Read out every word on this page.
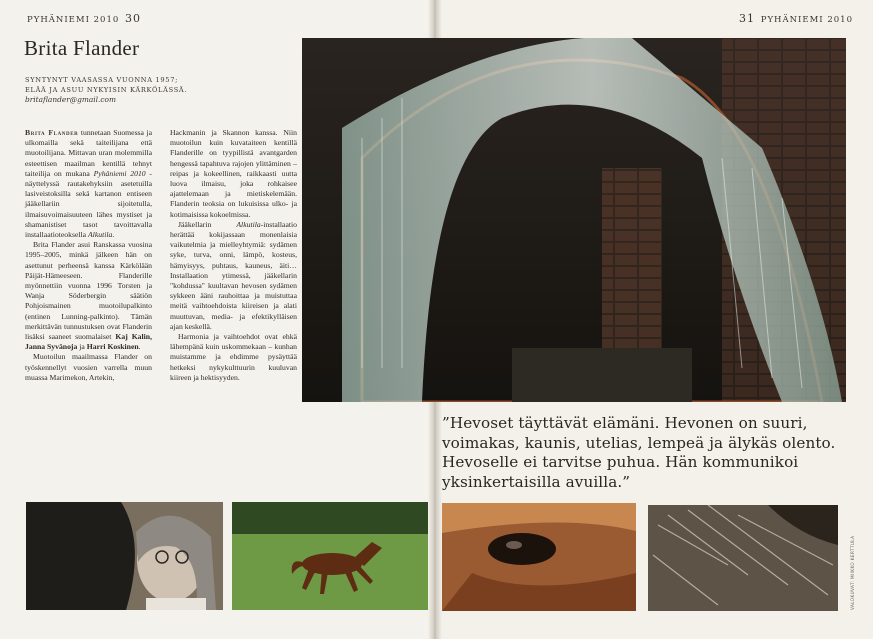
PYHÄNIEMI 2010 30	31 PYHÄNIEMI 2010
Brita Flander
SYNTYNYT VAASASSA VUONNA 1957;
ELÄÄ JA ASUU NYKYISIN KÄRKÖLÄSSÄ.
britaflander@gmail.com

Brita Flander tunnetaan Suomessa ja ulkomailla sekä taiteilijana että muotoilijana. Mittavan uran molemmilla esteettisen maailman kentillä tehnyt taiteilija on mukana Pyhäniemi 2010 -näyttelyssä rautakehyksiin asetetuilla lasiveistoksilla sekä kartanon entiseen jääkellariin sijoitetulla, ilmaisuvoimaisuuteen lähes mystiset ja shamanistiset tasot tavoittavalla installaatioteoksella Alkutila.

Brita Flander asui Ranskassa vuosina 1995–2005, minkä jälkeen hän on asettunut perheensä kanssa Kärkölään Päijät-Hämeeseen. Flanderille myönnettiin vuonna 1996 Torsten ja Wanja Söderbergin säätiön Pohjoismainen muotoilupalkinto (entinen Lunning-palkinto). Tämän merkittävän tunnustuksen ovat Flanderin lisäksi saaneet suomalaiset Kaj Kalin, Janna Syvänoja ja Harri Koskinen.

Muotoilun maailmassa Flander on työskennellyt vuosien varrella muun muassa Marimekon, Artekin,

Hackmanin ja Skannon kanssa. Niin muotoilun kuin kuvataiteen kentillä Flanderille on tyypillistä avantgarden hengessä tapahtuva rajojen ylittäminen – reipas ja kokeellinen, raikkaasti uutta luova ilmaisu, joka rohkaisee ajattelemaan ja mietiskelemään. Flanderin teoksia on lukuisissa ulko- ja kotimaisissa kokoelmissa.

Jääkellarin Alkutila-installaatio herättää kokijassaan monenlaisia vaikutelmia ja mielleyhtymiä: sydämen syke, turva, onni, lämpö, kosteus, hämyisyys, puhtaus, kauneus, äiti… Installaation ytimessä, jääkellarin "kohdussa" kuultavan hevosen sydämen sykkeen ääni rauhoittaa ja muistuttaa meitä vaihtoehdoista kiireisen ja alati muuttuvan, media- ja efektikylläisen ajan keskellä.

Harmonia ja vaihtoehdot ovat ehkä lähempänä kuin uskommekaan – kunhan muistamme ja ehdimme pysäyttää hetkeksi nykykulttuurin kuuluvan kiireen ja hektisyyden.

”Hevoset täyttävät elämäni. Hevonen on suuri, voimakas, kaunis, utelias, lempeä ja älykäs olento. Hevoselle ei tarvitse puhua. Hän kommunikoi yksinkertaisilla avuilla.”
VALOKUVAT: MIIKKO KERTTULA
